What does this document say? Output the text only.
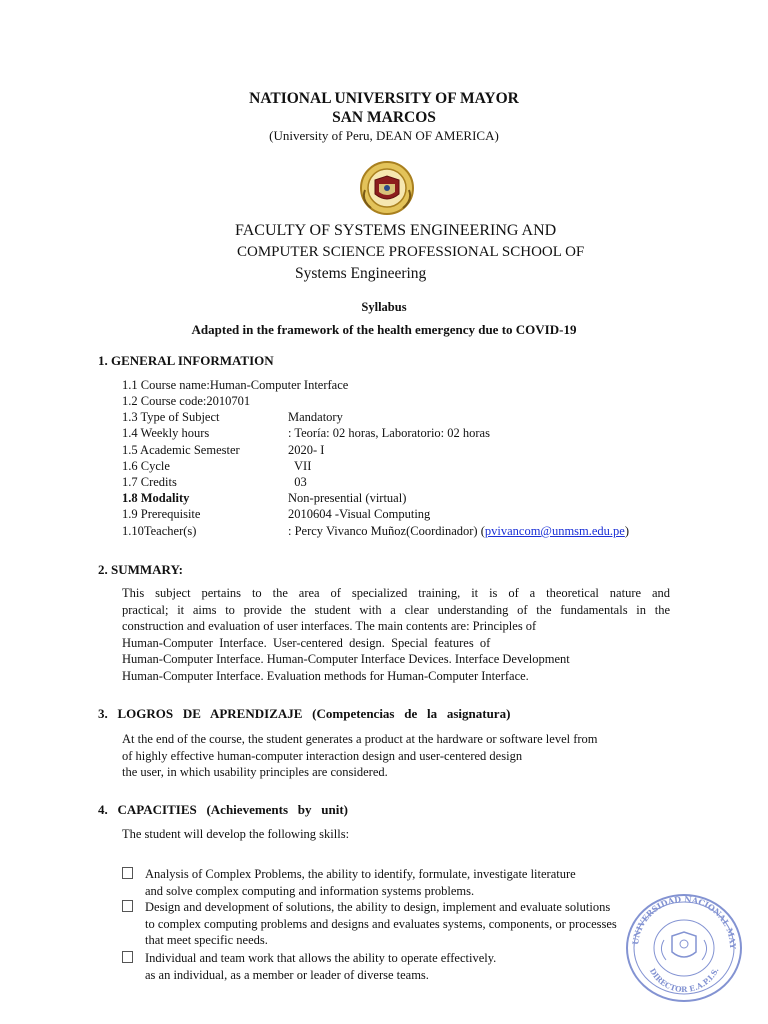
NATIONAL UNIVERSITY OF MAYOR
SAN MARCOS
(University of Peru, DEAN OF AMERICA)
FACULTY OF SYSTEMS ENGINEERING AND
COMPUTER SCIENCE PROFESSIONAL SCHOOL OF
Systems Engineering
Syllabus
Adapted in the framework of the health emergency due to COVID-19
1. GENERAL INFORMATION
1.1 Course name:Human-Computer Interface
1.2 Course code:2010701
1.3 Type of Subject	Mandatory
1.4 Weekly hours	: Teoría: 02 horas, Laboratorio: 02 horas
1.5 Academic Semester	2020- I
1.6 Cycle	VII
1.7 Credits	03
1.8 Modality	Non-presential (virtual)
1.9 Prerequisite	2010604 -Visual Computing
1.10Teacher(s)	: Percy Vivanco Muñoz(Coordinador) (pvivancom@unmsm.edu.pe)
2. SUMMARY:

This subject pertains to the area of specialized training, it is of a theoretical nature and

practical; it aims to provide the student with a clear understanding of the fundamentals in the

construction and evaluation of user interfaces. The main contents are: Principles of

Human-Computer  Interface.  User-centered  design.  Special  features  of

Human-Computer Interface. Human-Computer Interface Devices. Interface Development

Human-Computer Interface. Evaluation methods for Human-Computer Interface.

3.   LOGROS   DE   APRENDIZAJE   (Competencias   de   la   asignatura)

At the end of the course, the student generates a product at the hardware or software level from

of highly effective human-computer interaction design and user-centered design

the user, in which usability principles are considered.

4.   CAPACITIES   (Achievements   by   unit)
The student will develop the following skills:
Analysis of Complex Problems, the ability to identify, formulate, investigate literature
and solve complex computing and information systems problems.
Design and development of solutions, the ability to design, implement and evaluate solutions
to complex computing problems and designs and evaluates systems, components, or processes
that meet specific needs.
Individual and team work that allows the ability to operate effectively.
as an individual, as a member or leader of diverse teams.
UNIVERSIDAD NACIONAL MAY
DIRECTOR E.A.P.I.S.
